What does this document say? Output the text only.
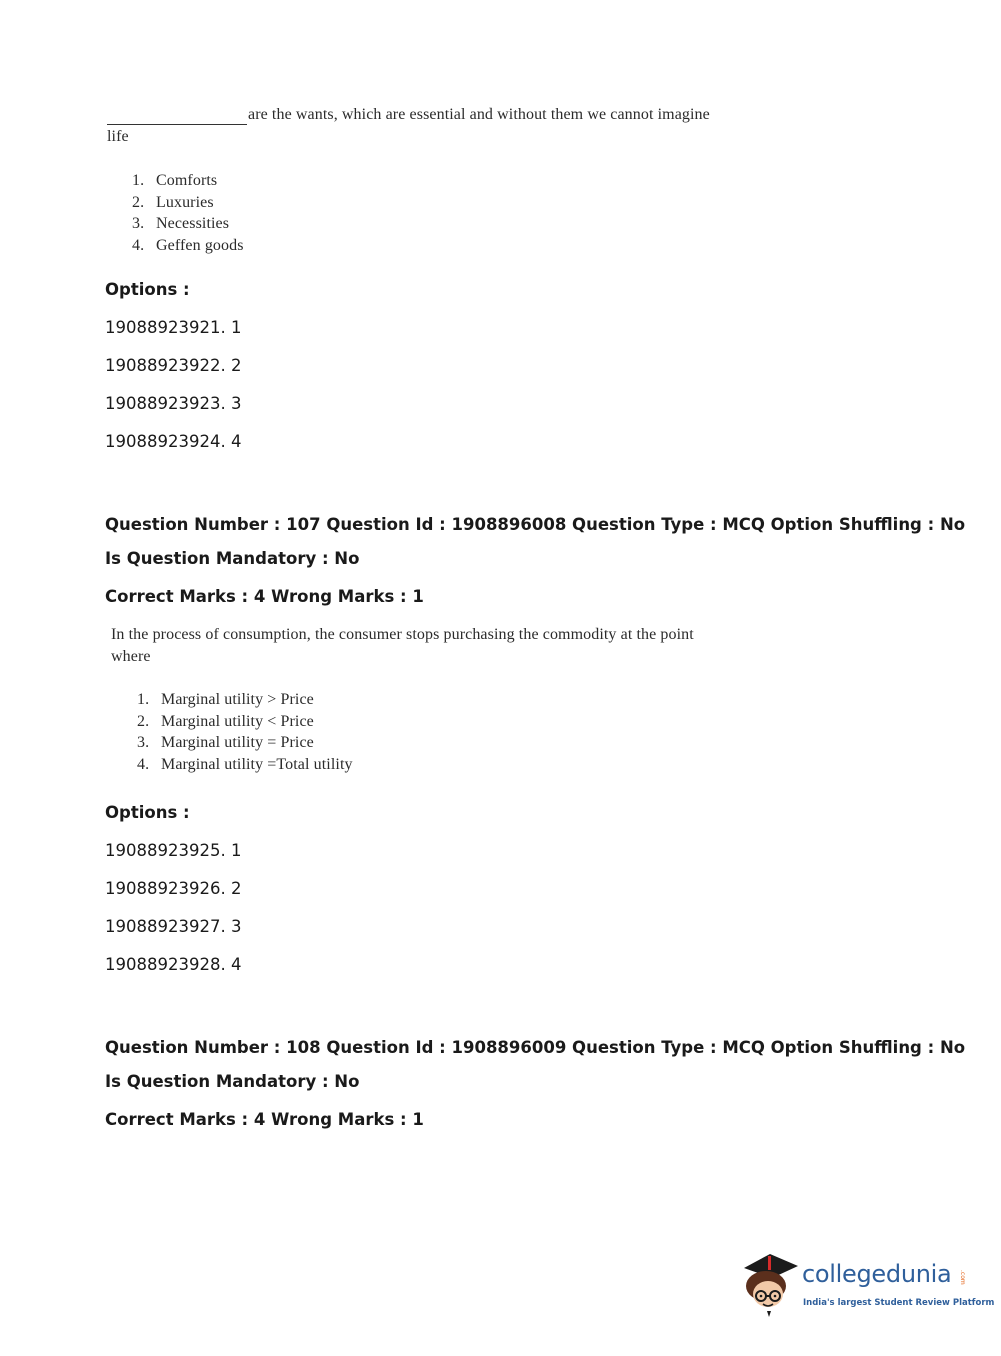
are the wants, which are essential and without them we cannot imagine
life
1. Comforts
2. Luxuries
3. Necessities
4. Geffen goods
Options :
19088923921. 1
19088923922. 2
19088923923. 3
19088923924. 4
Question Number : 107 Question Id : 1908896008 Question Type : MCQ Option Shuffling : No
Is Question Mandatory : No
Correct Marks : 4 Wrong Marks : 1
In the process of consumption, the consumer stops purchasing the commodity at the point
where
1. Marginal utility > Price
2. Marginal utility < Price
3. Marginal utility = Price
4. Marginal utility =Total utility
Options :
19088923925. 1
19088923926. 2
19088923927. 3
19088923928. 4
Question Number : 108 Question Id : 1908896009 Question Type : MCQ Option Shuffling : No
Is Question Mandatory : No
Correct Marks : 4 Wrong Marks : 1
collegedunia .com
India's largest Student Review Platform
